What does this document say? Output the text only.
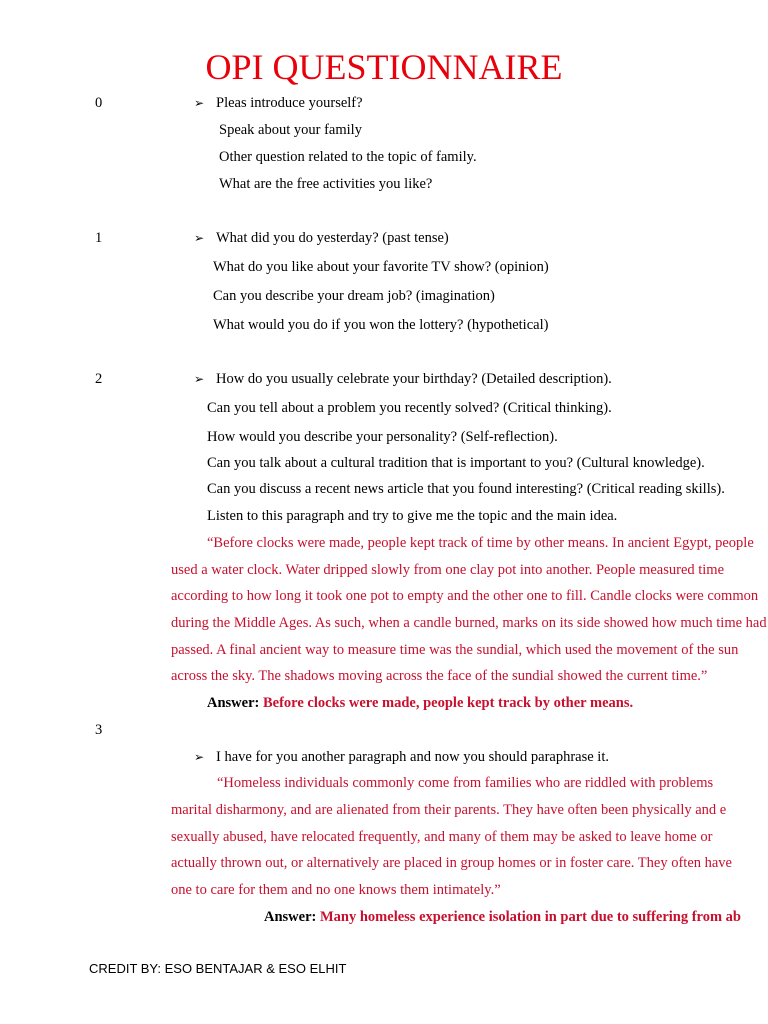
OPI QUESTIONNAIRE
0	➢ Pleas introduce yourself?
Speak about your family
Other question related to the topic of family.
What are the free activities you like?
1	➢ What did you do yesterday? (past tense)
What do you like about your favorite TV show? (opinion)
Can you describe your dream job? (imagination)
What would you do if you won the lottery? (hypothetical)
2	➢ How do you usually celebrate your birthday? (Detailed description).
Can you tell about a problem you recently solved? (Critical thinking).
How would you describe your personality? (Self-reflection).
Can you talk about a cultural tradition that is important to you? (Cultural knowledge).
Can you discuss a recent news article that you found interesting? (Critical reading skills).
Listen to this paragraph and try to give me the topic and the main idea.
“Before clocks were made, people kept track of time by other means. In ancient Egypt, people
used a water clock. Water dripped slowly from one clay pot into another. People measured time
according to how long it took one pot to empty and the other one to fill. Candle clocks were common
during the Middle Ages. As such, when a candle burned, marks on its side showed how much time had
passed. A final ancient way to measure time was the sundial, which used the movement of the sun
across the sky. The shadows moving across the face of the sundial showed the current time.”
Answer: Before clocks were made, people kept track by other means.
3
➢ I have for you another paragraph and now you should paraphrase it.
“Homeless individuals commonly come from families who are riddled with problems
marital disharmony, and are alienated from their parents. They have often been physically and e
sexually abused, have relocated frequently, and many of them may be asked to leave home or
actually thrown out, or alternatively are placed in group homes or in foster care. They often have
one to care for them and no one knows them intimately.”
Answer: Many homeless experience isolation in part due to suffering from ab
CREDIT BY: ESO BENTAJAR & ESO ELHIT
